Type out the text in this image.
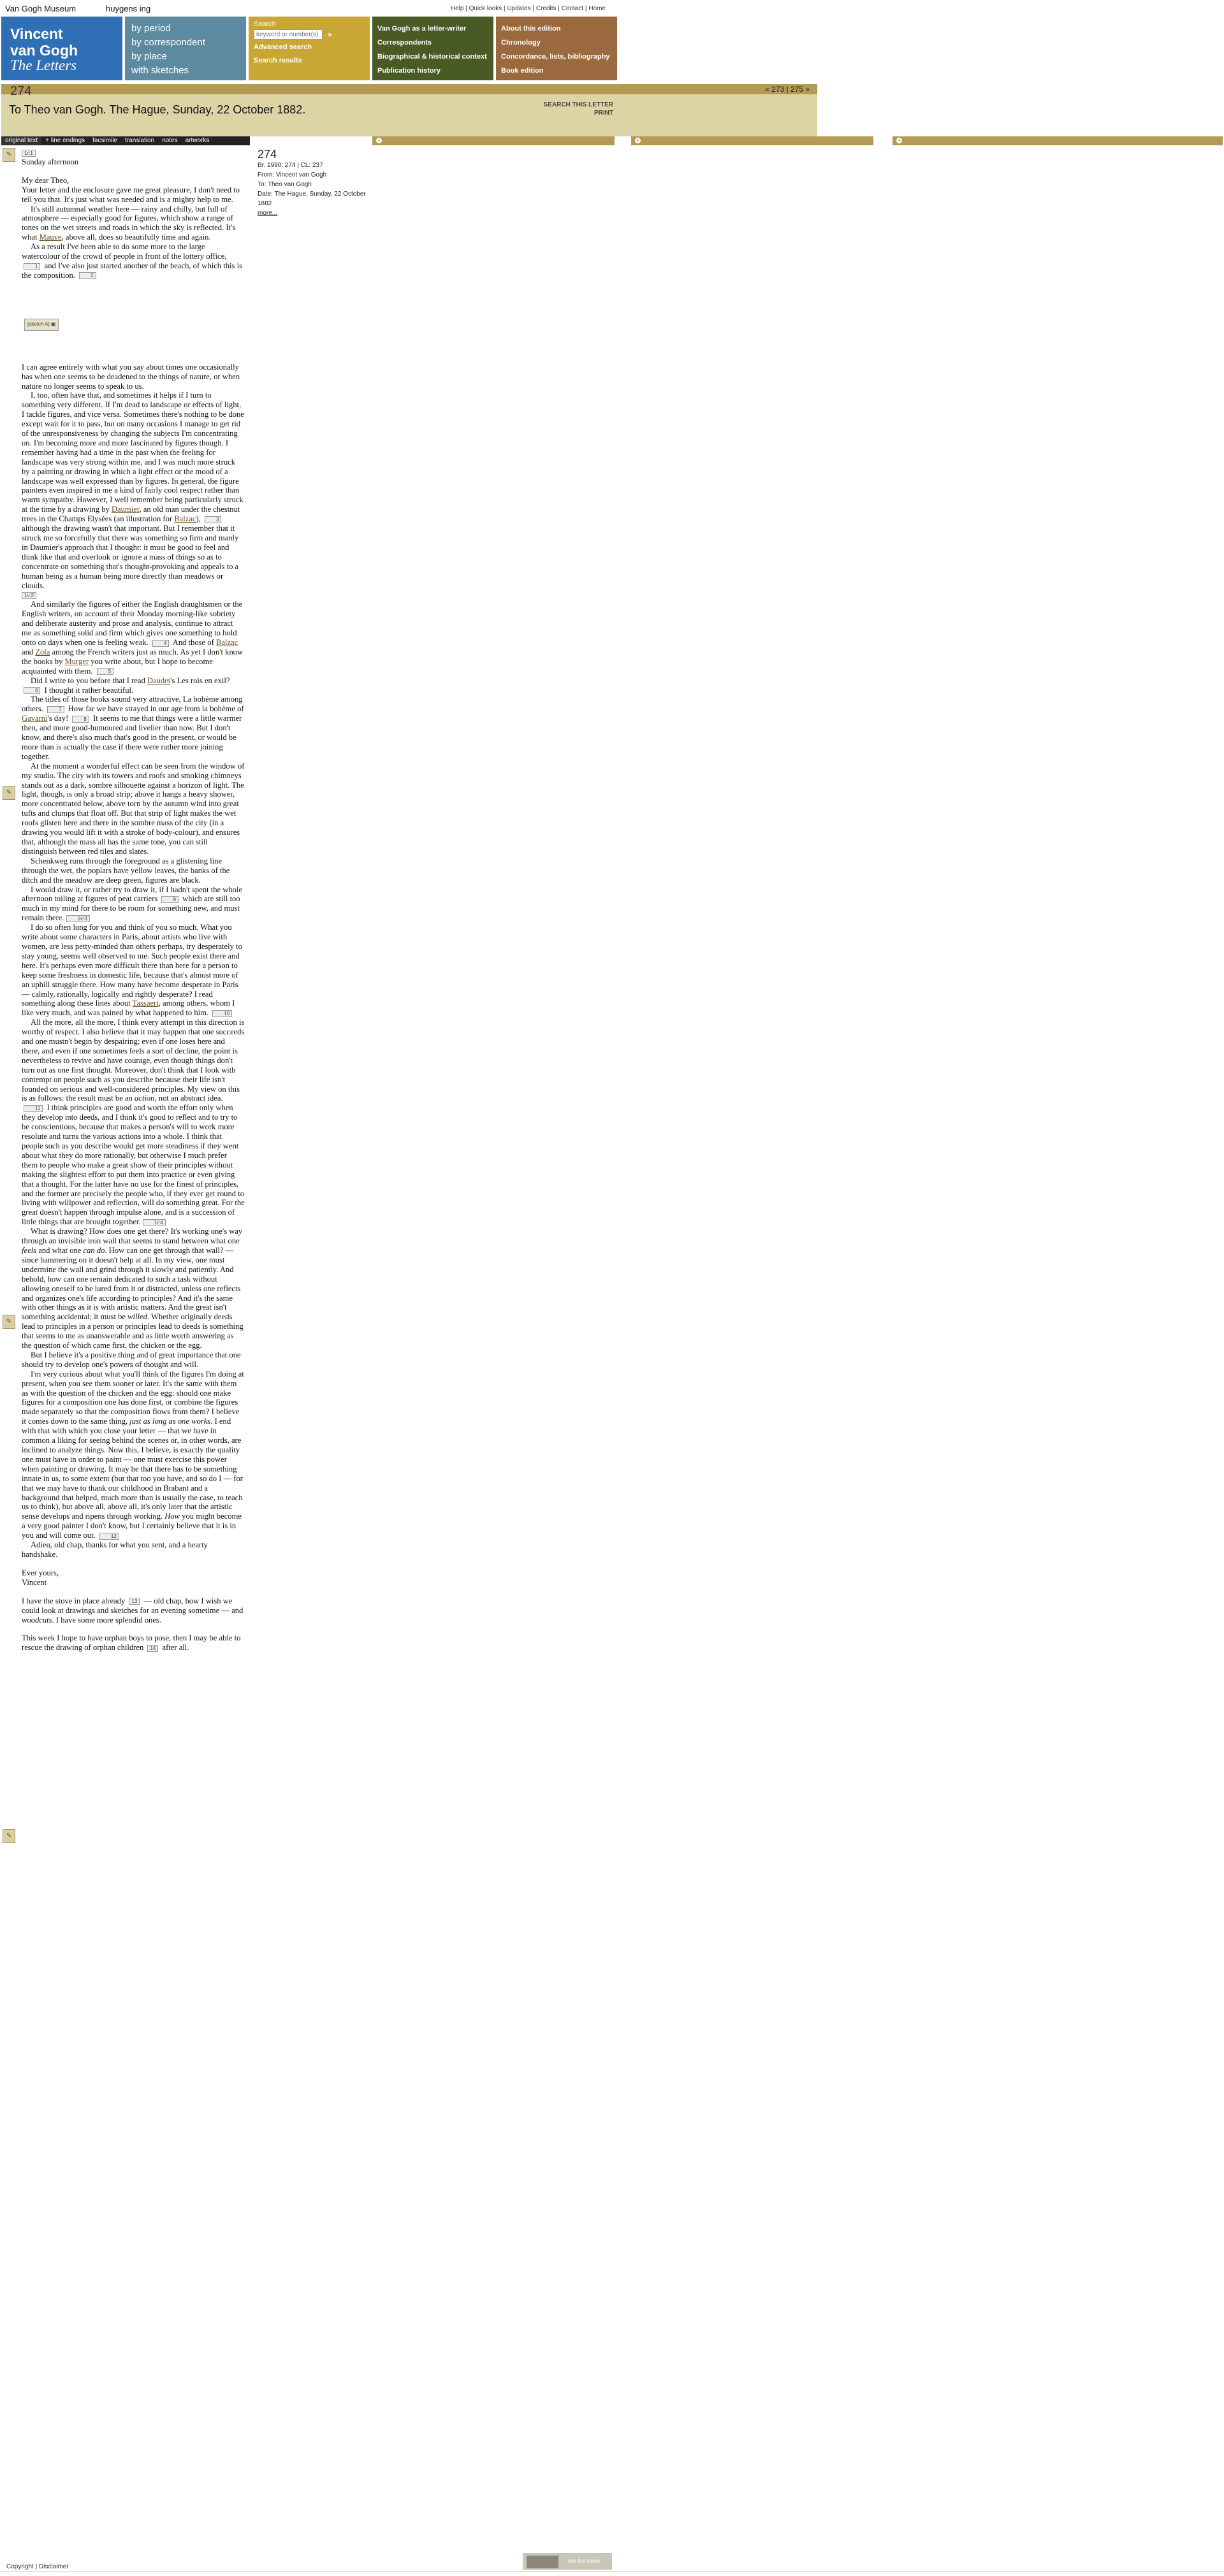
Van Gogh Museum	huygens ing	Help | Quick looks | Updates | Credits | Contact | Home
Vincent
van Gogh
The Letters
by period
by correspondent
by place
with sketches
Search
keyword or number(s)
»
Advanced search
Search results
Van Gogh as a letter-writer
Correspondents
Biographical & historical context
Publication history
About this edition
Chronology
Concordance, lists, bibliography
Book edition
« 273 | 275 »
274
To Theo van Gogh. The Hague, Sunday, 22 October 1882.	SEARCH THIS LETTER
PRINT
original text	+ line endings	facsimile	translation	notes	artworks	+	+	+
✎
✎
✎
✎

1r:1

Sunday afternoon

My dear Theo,

Your letter and the enclosure gave me great pleasure, I don't need to tell you that. It's just what was needed and is a mighty help to me.

It's still autumnal weather here — rainy and chilly, but full of atmosphere — especially good for figures, which show a range of tones on the wet streets and roads in which the sky is reflected. It's what Mauve, above all, does so beautifully time and again.

As a result I've been able to do some more to the large watercolour of the crowd of people in front of the lottery office, 1 and I've also just started another of the beach, of which this is the composition.	2

[sketch A] ▣

I can agree entirely with what you say about times one occasionally has when one seems to be deadened to the things of nature, or when nature no longer seems to speak to us.

I, too, often have that, and sometimes it helps if I turn to something very different. If I'm dead to landscape or effects of light, I tackle figures, and vice versa. Sometimes there's nothing to be done except wait for it to pass, but on many occasions I manage to get rid of the unresponsiveness by changing the subjects I'm concentrating on. I'm becoming more and more fascinated by figures though. I remember having had a time in the past when the feeling for landscape was very strong within me, and I was much more struck by a painting or drawing in which a light effect or the mood of a landscape was well expressed than by figures. In general, the figure painters even inspired in me a kind of fairly cool respect rather than warm sympathy. However, I well remember being particularly struck at the time by a drawing by Daumier, an old man under the chestnut trees in the Champs Elysées (an illustration for Balzac),	3 although the drawing wasn't that important. But I remember that it struck me so forcefully that there was something so firm and manly in Daumier's approach that I thought: it must be good to feel and think like that and overlook or ignore a mass of things so as to concentrate on something that's thought-provoking and appeals to a human being as a human being more directly than meadows or clouds.

1v:2

And similarly the figures of either the English draughtsmen or the English writers, on account of their Monday morning-like sobriety and deliberate austerity and prose and analysis, continue to attract me as something solid and firm which gives one something to hold onto on days when one is feeling weak.	4 And those of Balzac and Zola among the French writers just as much. As yet I don't know the books by Murger you write about, but I hope to become acquainted with them.	5

Did I write to you before that I read Daudet's Les rois en exil? 6 I thought it rather beautiful.

The titles of those books sound very attractive, La bohème among others.	7 How far we have strayed in our age from la bohème of Gavarni's day!	8 It seems to me that things were a little warmer then, and more good-humoured and livelier than now. But I don't know, and there's also much that's good in the present, or would be more than is actually the case if there were rather more joining together.

At the moment a wonderful effect can be seen from the window of my studio. The city with its towers and roofs and smoking chimneys stands out as a dark, sombre silhouette against a horizon of light. The light, though, is only a broad strip; above it hangs a heavy shower, more concentrated below, above torn by the autumn wind into great tufts and clumps that float off. But that strip of light makes the wet roofs glisten here and there in the sombre mass of the city (in a drawing you would lift it with a stroke of body-colour), and ensures that, although the mass all has the same tone, you can still distinguish between red tiles and slates.

Schenkweg runs through the foreground as a glistening line through the wet, the poplars have yellow leaves, the banks of the ditch and the meadow are deep green, figures are black.

I would draw it, or rather try to draw it, if I hadn't spent the whole afternoon toiling at figures of peat carriers	9 which are still too much in my mind for there to be room for something new, and must remain there. 1v:3

I do so often long for you and think of you so much. What you write about some characters in Paris, about artists who live with women, are less petty-minded than others perhaps, try desperately to stay young, seems well observed to me. Such people exist there and here. It's perhaps even more difficult there than here for a person to keep some freshness in domestic life, because that's almost more of an uphill struggle there. How many have become desperate in Paris — calmly, rationally, logically and rightly desperate? I read something along these lines about Tassaert, among others, whom I like very much, and was pained by what happened to him.	10

All the more, all the more, I think every attempt in this direction is worthy of respect. I also believe that it may happen that one succeeds and one mustn't begin by despairing; even if one loses here and there, and even if one sometimes feels a sort of decline, the point is nevertheless to revive and have courage, even though things don't turn out as one first thought. Moreover, don't think that I look with contempt on people such as you describe because their life isn't founded on serious and well-considered principles. My view on this is as follows: the result must be an action, not an abstract idea. 11 I think principles are good and worth the effort only when they develop into deeds, and I think it's good to reflect and to try to be conscientious, because that makes a person's will to work more resolute and turns the various actions into a whole. I think that people such as you describe would get more steadiness if they went about what they do more rationally, but otherwise I much prefer them to people who make a great show of their principles without making the slightest effort to put them into practice or even giving that a thought. For the latter have no use for the finest of principles, and the former are precisely the people who, if they ever get round to living with willpower and reflection, will do something great. For the great doesn't happen through impulse alone, and is a succession of little things that are brought together. 1r:4

What is drawing? How does one get there? It's working one's way through an invisible iron wall that seems to stand between what one feels and what one can do. How can one get through that wall? — since hammering on it doesn't help at all. In my view, one must undermine the wall and grind through it slowly and patiently. And behold, how can one remain dedicated to such a task without allowing oneself to be lured from it or distracted, unless one reflects and organizes one's life according to principles? And it's the same with other things as it is with artistic matters. And the great isn't something accidental; it must be willed. Whether originally deeds lead to principles in a person or principles lead to deeds is something that seems to me as unanswerable and as little worth answering as the question of which came first, the chicken or the egg.

But I believe it's a positive thing and of great importance that one should try to develop one's powers of thought and will.

I'm very curious about what you'll think of the figures I'm doing at present, when you see them sooner or later. It's the same with them as with the question of the chicken and the egg: should one make figures for a composition one has done first, or combine the figures made separately so that the composition flows from them? I believe it comes down to the same thing, just as long as one works. I end with that with which you close your letter — that we have in common a liking for seeing behind the scenes or, in other words, are inclined to analyze things. Now this, I believe, is exactly the quality one must have in order to paint — one must exercise this power when painting or drawing. It may be that there has to be something innate in us, to some extent (but that too you have, and so do I — for that we may have to thank our childhood in Brabant and a background that helped, much more than is usually the case, to teach us to think), but above all, above all, it's only later that the artistic sense develops and ripens through working. How you might become a very good painter I don't know, but I certainly believe that it is in you and will come out.	12

Adieu, old chap, thanks for what you sent, and a hearty handshake.

Ever yours,

Vincent

I have the stove in place already 13 — old chap, how I wish we could look at drawings and sketches for an evening sometime — and woodcuts. I have some more splendid ones.

This week I hope to have orphan boys to pose, then I may be able to rescue the drawing of orphan children 14 after all.

274
Br. 1990: 274 | CL: 237
From: Vincent van Gogh
To: Theo van Gogh
Date: The Hague, Sunday, 22 October 1882
more...
Copyright | Disclaimer
See the books
